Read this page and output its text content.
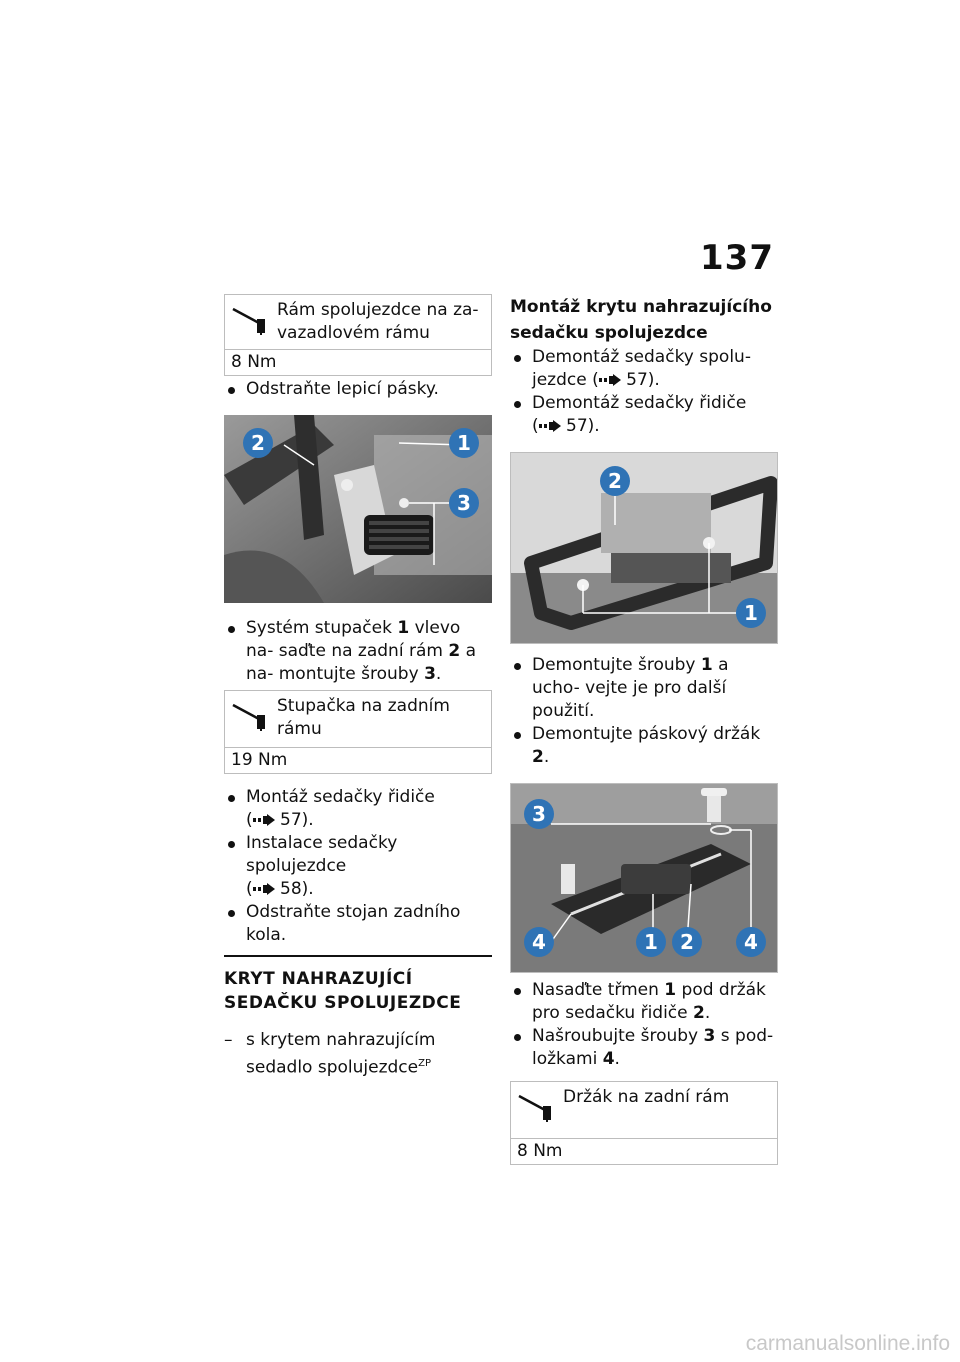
137
Rám spolujezdce na za- vazadlovém rámu
8 Nm

Odstraňte lepicí pásky.

2	1
3

Systém stupaček 1 vlevo na- saďte na zadní rám 2 a na- montujte šrouby 3.

Stupačka na zadním rámu
19 Nm

Montáž sedačky řidiče
( 57).

Instalace sedačky spolujezdce
( 58).

Odstraňte stojan zadního kola.

KRYT NAHRAZUJÍCÍ SEDAČKU SPOLUJEZDCE
– s krytem nahrazujícím sedadlo spolujezdce$^{ZP}$

Montáž krytu nahrazujícího sedačku spolujezdce

Demontáž sedačky spolu- jezdce ( 57).

Demontáž sedačky řidiče
( 57).

2
1

Demontujte šrouby 1 a ucho- vejte je pro další použití.

Demontujte páskový držák 2.

3
4	1 2	4

Nasaďte třmen 1 pod držák pro sedačku řidiče 2.

Našroubujte šrouby 3 s pod- ložkami 4.

Držák na zadní rám
8 Nm
carmanualsonline.info
